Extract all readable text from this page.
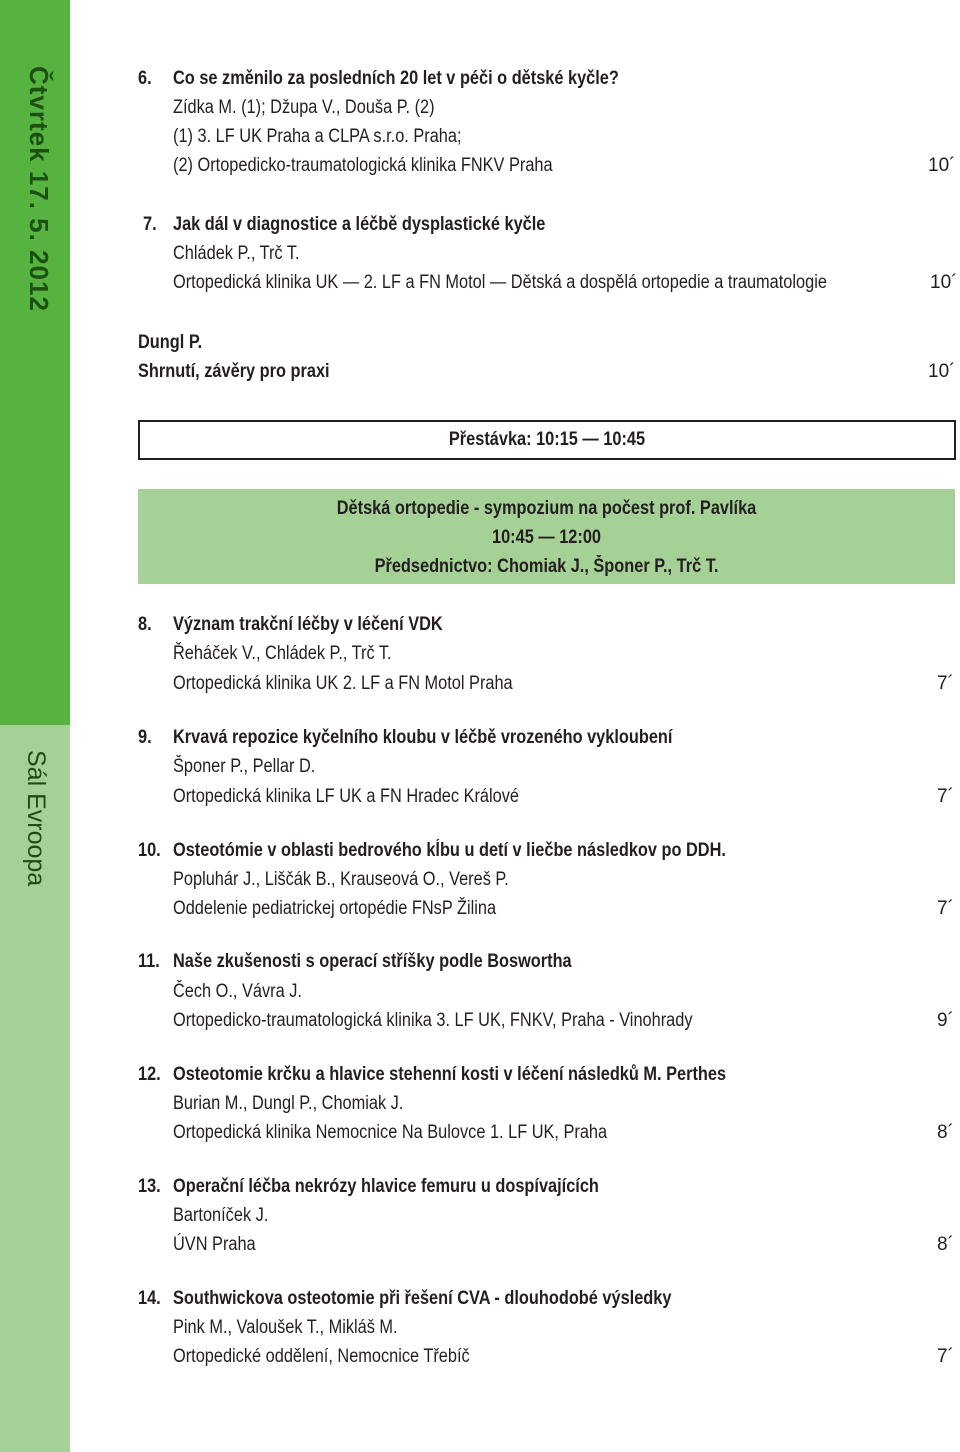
Čtvrtek 17. 5. 2012
Sál Evroopa
6. Co se změnilo za posledních 20 let v péči o dětské kyčle?
Zídka M. (1); Džupa V., Douša P. (2)
(1) 3. LF UK Praha a CLPA s.r.o. Praha;
(2) Ortopedicko-traumatologická klinika FNKV Praha	10´
7. Jak dál v diagnostice a léčbě dysplastické kyčle
Chládek P., Trč T.
Ortopedická klinika UK — 2. LF a FN Motol — Dětská a dospělá ortopedie a traumatologie	10´
Dungl P.
Shrnutí, závěry pro praxi	10´
Přestávka: 10:15 — 10:45
Dětská ortopedie - sympozium na počest prof. Pavlíka
10:45 — 12:00
Předsednictvo: Chomiak J., Šponer P., Trč T.
8. Význam trakční léčby v léčení VDK
Řeháček V., Chládek P., Trč T.
Ortopedická klinika UK 2. LF a FN Motol Praha	7´
9. Krvavá repozice kyčelního kloubu v léčbě vrozeného vykloubení
Šponer P., Pellar D.
Ortopedická klinika LF UK a FN Hradec Králové	7´
10. Osteotómie v oblasti bedrového kĺbu u detí v liečbe následkov po DDH.
Popluhár J., Liščák B., Krauseová O., Vereš P.
Oddelenie pediatrickej ortopédie FNsP Žilina	7´
11. Naše zkušenosti s operací stříšky podle Boswortha
Čech O., Vávra J.
Ortopedicko-traumatologická klinika 3. LF UK, FNKV, Praha - Vinohrady	9´
12. Osteotomie krčku a hlavice stehenní kosti v léčení následků M. Perthes
Burian M., Dungl P., Chomiak J.
Ortopedická klinika Nemocnice Na Bulovce 1. LF UK, Praha	8´
13. Operační léčba nekrózy hlavice femuru u dospívajících
Bartoníček J.
ÚVN Praha	8´
14. Southwickova osteotomie při řešení CVA - dlouhodobé výsledky
Pink M., Valoušek T., Mikláš M.
Ortopedické oddělení, Nemocnice Třebíč	7´
